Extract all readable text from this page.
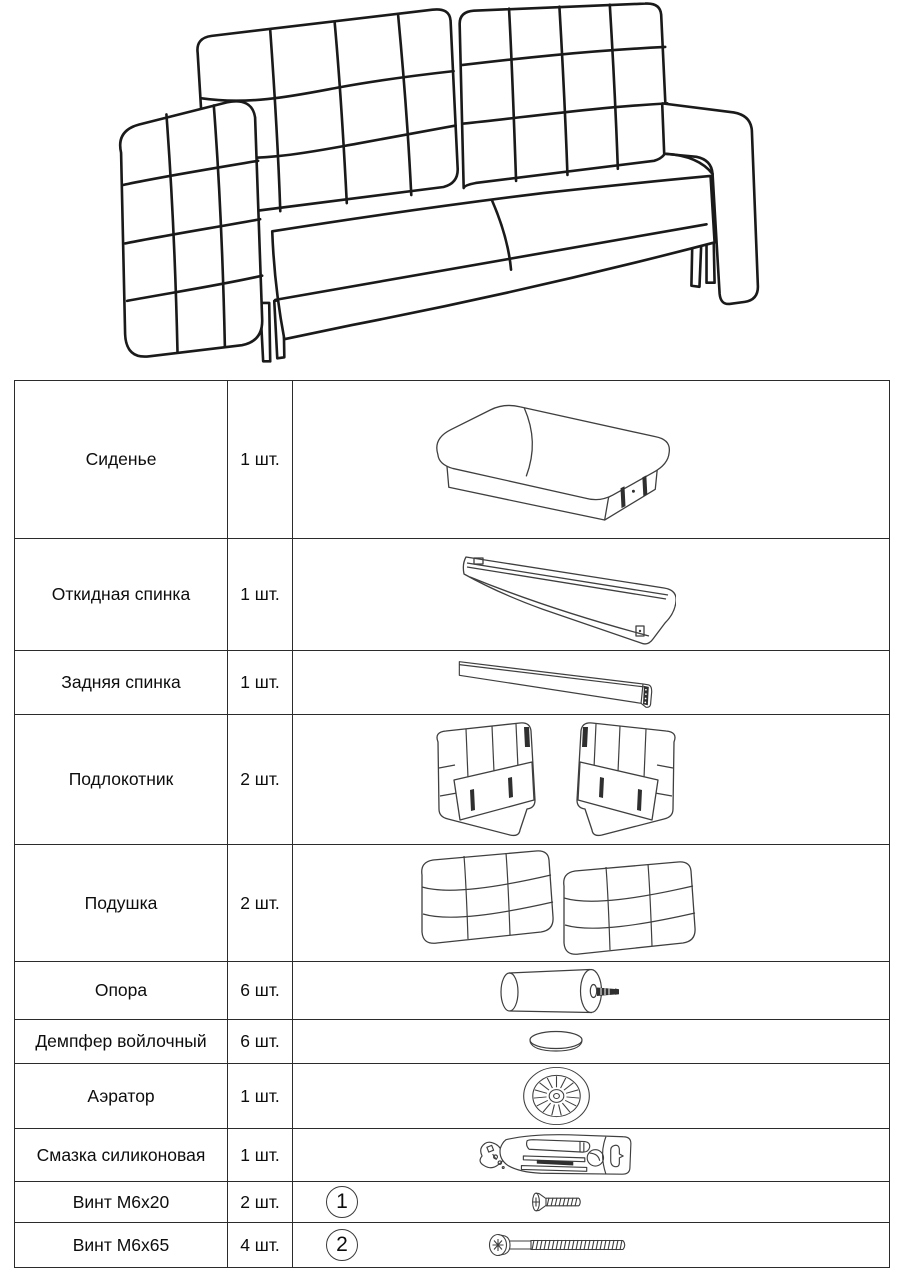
Сиденье	1 шт.
Откидная спинка	1 шт.
Задняя спинка	1 шт.
Подлокотник	2 шт.
Подушка	2 шт.
Опора	6 шт.
Демпфер войлочный	6 шт.
Аэратор	1 шт.
Смазка силиконовая	1 шт.
Винт М6х20	2 шт.	1
Винт М6х65	4 шт.	2
